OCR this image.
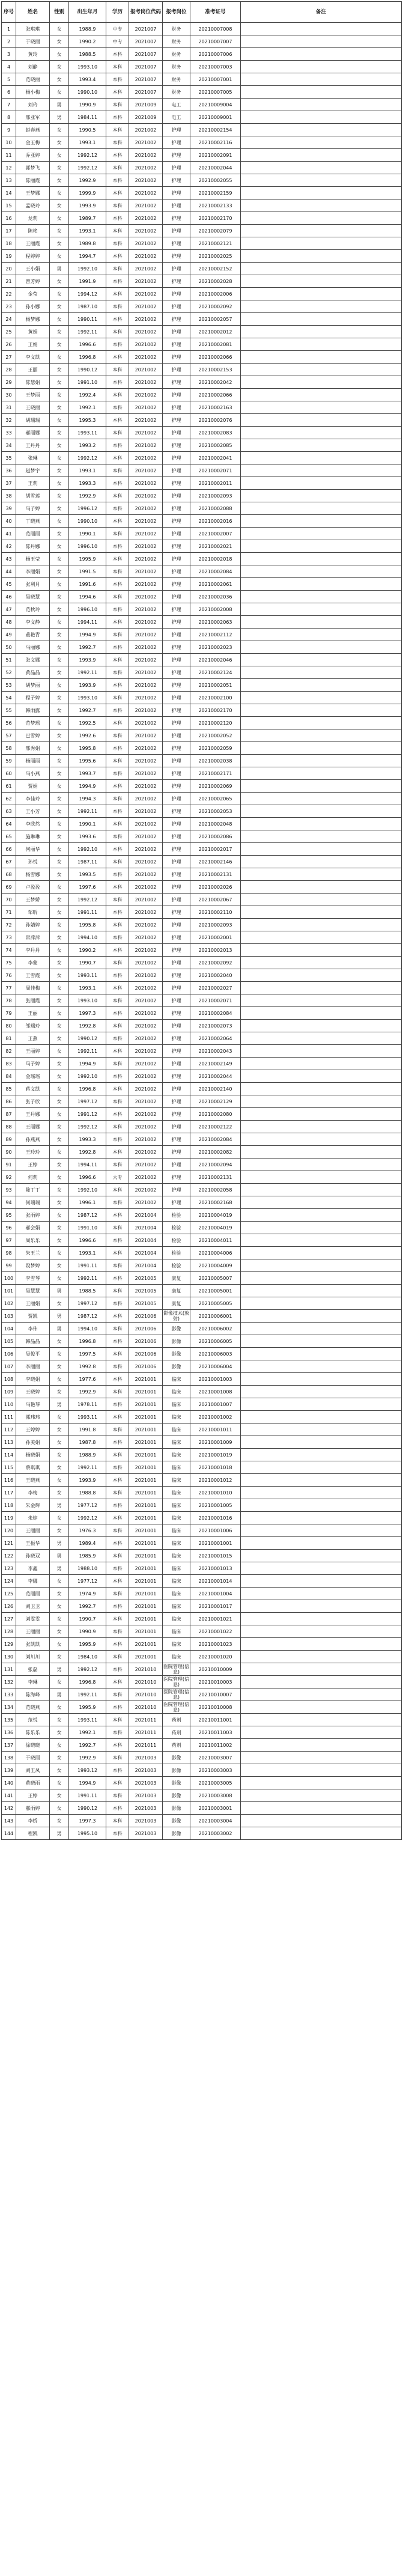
序号	姓名	性别	出生年月	学历	报考岗位代码	报考岗位	准考证号	备注
1	张琪琪	女	1988.9	中专	2021007	财务	20210007008	
2	于晓丽	女	1990.2	中专	2021007	财务	20210007007	
3	黄玲	女	1988.5	本科	2021007	财务	20210007006	
4	刘静	女	1993.10	本科	2021007	财务	20210007003	
5	范晓丽	女	1993.4	本科	2021007	财务	20210007001	
6	杨小梅	女	1990.10	本科	2021007	财务	20210007005	
7	刘玲	男	1990.9	本科	2021009	电工	20210009004	
8	邢亚军	男	1984.11	本科	2021009	电工	20210009001	
9	赵春燕	女	1990.5	本科	2021002	护理	20210002154	
10	金玉梅	女	1993.1	本科	2021002	护理	20210002116	
11	乔亚婷	女	1992.12	本科	2021002	护理	20210002091	
12	郭梦飞	女	1992.12	本科	2021002	护理	20210002044	
13	陈丽霞	女	1992.9	本科	2021002	护理	20210002055	
14	王梦娜	女	1999.9	本科	2021002	护理	20210002159	
15	孟晓玲	女	1993.9	本科	2021002	护理	20210002133	
16	龙莉	女	1989.7	本科	2021002	护理	20210002170	
17	陈艳	女	1993.1	本科	2021002	护理	20210002079	
18	王丽霞	女	1989.8	本科	2021002	护理	20210002121	
19	程婷婷	女	1994.7	本科	2021002	护理	20210002025	
20	王小娟	男	1992.10	本科	2021002	护理	20210002152	
21	曾芳婷	女	1991.9	本科	2021002	护理	20210002028	
22	金莹	女	1994.12	本科	2021002	护理	20210002006	
23	孙小娜	女	1987.10	本科	2021002	护理	20210002092	
24	杨梦娜	女	1990.11	本科	2021002	护理	20210002057	
25	黄娟	女	1992.11	本科	2021002	护理	20210002012	
26	王娟	女	1996.6	本科	2021002	护理	20210002081	
27	李文凯	女	1996.8	本科	2021002	护理	20210002066	
28	王丽	女	1990.12	本科	2021002	护理	20210002153	
29	陈慧娟	女	1991.10	本科	2021002	护理	20210002042	
30	王梦丽	女	1992.4	本科	2021002	护理	20210002066	
31	王晓丽	女	1992.1	本科	2021002	护理	20210002163	
32	胡瑞瑞	女	1995.3	本科	2021002	护理	20210002076	
33	郝丽娜	女	1993.11	本科	2021002	护理	20210002083	
34	王丹丹	女	1993.2	本科	2021002	护理	20210002085	
35	张琳	女	1992.12	本科	2021002	护理	20210002041	
36	赵梦宇	女	1993.1	本科	2021002	护理	20210002071	
37	王莉	女	1993.3	本科	2021002	护理	20210002011	
38	胡雪莲	女	1992.9	本科	2021002	护理	20210002093	
39	马子婷	女	1996.12	本科	2021002	护理	20210002088	
40	丁晓燕	女	1990.10	本科	2021002	护理	20210002016	
41	范丽丽	女	1990.1	本科	2021002	护理	20210002007	
42	陈丹娜	女	1996.10	本科	2021002	护理	20210002021	
43	杨玉莹	女	1995.9	本科	2021002	护理	20210002018	
44	李丽娟	女	1991.5	本科	2021002	护理	20210002084	
45	张利月	女	1991.6	本科	2021002	护理	20210002061	
46	吴晓慧	女	1994.6	本科	2021002	护理	20210002036	
47	范秋玲	女	1996.10	本科	2021002	护理	20210002008	
48	李文静	女	1994.11	本科	2021002	护理	20210002063	
49	董艳青	女	1994.9	本科	2021002	护理	20210002112	
50	马丽娜	女	1992.7	本科	2021002	护理	20210002023	
51	张文娜	女	1993.9	本科	2021002	护理	20210002046	
52	黄晶晶	女	1992.11	本科	2021002	护理	20210002124	
53	胡梦丽	女	1993.9	本科	2021002	护理	20210002051	
54	程子婷	女	1993.10	本科	2021002	护理	20210002100	
55	韩雨露	女	1992.7	本科	2021002	护理	20210002170	
56	范梦瑶	女	1992.5	本科	2021002	护理	20210002120	
57	巴雪婷	女	1992.6	本科	2021002	护理	20210002052	
58	邢秀娟	女	1995.8	本科	2021002	护理	20210002059	
59	杨丽丽	女	1995.6	本科	2021002	护理	20210002038	
60	马小燕	女	1993.7	本科	2021002	护理	20210002171	
61	贾娟	女	1994.9	本科	2021002	护理	20210002069	
62	李佳玲	女	1994.3	本科	2021002	护理	20210002065	
63	王小芳	女	1992.11	本科	2021002	护理	20210002053	
64	李欣然	女	1990.1	本科	2021002	护理	20210002048	
65	施琳琳	女	1993.6	本科	2021002	护理	20210002086	
66	何丽华	女	1992.10	本科	2021002	护理	20210002017	
67	孙悦	女	1987.11	本科	2021002	护理	20210002146	
68	杨雪娜	女	1993.5	本科	2021002	护理	20210002131	
69	卢盈盈	女	1997.6	本科	2021002	护理	20210002026	
70	王梦娇	女	1992.12	本科	2021002	护理	20210002067	
71	邹昕	女	1991.11	本科	2021002	护理	20210002110	
72	孙婧婷	女	1995.8	本科	2021002	护理	20210002093	
73	常萍萍	女	1994.10	本科	2021002	护理	20210002001	
74	李丹丹	女	1990.2	本科	2021002	护理	20210002013	
75	李蒙	女	1990.7	本科	2021002	护理	20210002092	
76	王雪霞	女	1993.11	本科	2021002	护理	20210002040	
77	周佳梅	女	1993.1	本科	2021002	护理	20210002027	
78	张丽霞	女	1993.10	本科	2021002	护理	20210002071	
79	王丽	女	1997.3	本科	2021002	护理	20210002084	
80	邹瑞玲	女	1992.8	本科	2021002	护理	20210002073	
81	王燕	女	1990.12	本科	2021002	护理	20210002064	
82	王丽婷	女	1992.11	本科	2021002	护理	20210002043	
83	马子婷	女	1994.9	本科	2021002	护理	20210002149	
84	金瑶瑶	女	1992.10	本科	2021002	护理	20210002044	
85	蒋文凯	女	1996.8	本科	2021002	护理	20210002140	
86	张子欣	女	1997.12	本科	2021002	护理	20210002129	
87	王丹娜	女	1991.12	本科	2021002	护理	20210002080	
88	王丽娜	女	1992.12	本科	2021002	护理	20210002122	
89	孙燕燕	女	1993.3	本科	2021002	护理	20210002084	
90	王玲玲	女	1992.8	本科	2021002	护理	20210002082	
91	王婷	女	1994.11	本科	2021002	护理	20210002094	
92	何莉	女	1996.6	大专	2021002	护理	20210002131	
93	陈丁丁	女	1992.10	本科	2021002	护理	20210002058	
94	何瑞瑞	女	1996.1	本科	2021002	护理	20210002168	
95	张雨婷	女	1987.12	本科	2021004	检验	20210004019	
96	郝会娟	女	1991.10	本科	2021004	检验	20210004019	
97	周乐乐	女	1996.6	本科	2021004	检验	20210004011	
98	朱玉兰	女	1993.1	本科	2021004	检验	20210004006	
99	段梦婷	女	1991.11	本科	2021004	检验	20210004009	
100	李雪琴	女	1992.11	本科	2021005	康复	20210005007	
101	吴慧慧	男	1988.5	本科	2021005	康复	20210005001	
102	王丽娟	女	1997.12	本科	2021005	康复	20210005005	
103	贾凯	男	1987.12	本科	2021006	影像技术(放射)	20210006001	
104	李伟	男	1994.10	本科	2021006	影像	20210006002	
105	韩晶晶	女	1996.8	本科	2021006	影像	20210006005	
106	吴俊平	女	1997.5	本科	2021006	影像	20210006003	
107	李丽丽	女	1992.8	本科	2021006	影像	20210006004	
108	李晓娟	女	1977.6	本科	2021001	临床	20210001003	
109	王晓婷	女	1992.9	本科	2021001	临床	20210001008	
110	马艳琴	男	1978.11	本科	2021001	临床	20210001007	
111	郭玮玮	女	1993.11	本科	2021001	临床	20210001002	
112	王婷婷	女	1991.8	本科	2021001	临床	20210001011	
113	孙美娟	女	1987.8	本科	2021001	临床	20210001009	
114	杨晓娟	女	1988.9	本科	2021001	临床	20210001019	
115	蔡琪琪	女	1992.11	本科	2021001	临床	20210001018	
116	王晓燕	女	1993.9	本科	2021001	临床	20210001012	
117	李梅	女	1988.8	本科	2021001	临床	20210001010	
118	朱金辉	男	1977.12	本科	2021001	临床	20210001005	
119	朱婷	女	1992.12	本科	2021001	临床	20210001016	
120	王丽丽	女	1976.3	本科	2021001	临床	20210001006	
121	王振华	男	1989.4	本科	2021001	临床	20210001001	
122	孙晓双	男	1985.9	本科	2021001	临床	20210001015	
123	李鑫	男	1988.10	本科	2021001	临床	20210001013	
124	李娜	女	1977.12	本科	2021001	临床	20210001014	
125	范丽丽	女	1974.9	本科	2021001	临床	20210001004	
126	刘卫卫	女	1992.7	本科	2021001	临床	20210001017	
127	刘雯雯	女	1990.7	本科	2021001	临床	20210001021	
128	王丽丽	女	1990.9	本科	2021001	临床	20210001022	
129	张凯凯	女	1995.9	本科	2021001	临床	20210001023	
130	刘川川	女	1984.10	本科	2021001	临床	20210001020	
131	张磊	男	1992.12	本科	2021010	医院管理(信息)	20210010009	
132	李琳	女	1996.8	本科	2021010	医院管理(信息)	20210010003	
133	陈海峰	男	1992.11	本科	2021010	医院管理(信息)	20210010007	
134	范晓燕	女	1995.9	本科	2021010	医院管理(信息)	20210010008	
135	范悦	女	1993.11	本科	2021011	药剂	20210011001	
136	陈乐乐	女	1992.1	本科	2021011	药剂	20210011003	
137	徐晓晓	女	1992.7	本科	2021011	药剂	20210011002	
138	于晓丽	女	1992.9	本科	2021003	影像	20210003007	
139	刘玉凤	女	1993.12	本科	2021003	影像	20210003003	
140	黄晓雨	女	1994.9	本科	2021003	影像	20210003005	
141	王婷	女	1991.11	本科	2021003	影像	20210003008	
142	郝雨婷	女	1990.12	本科	2021003	影像	20210003001	
143	李娇	女	1997.3	本科	2021003	影像	20210003004	
144	程凯	男	1995.10	本科	2021003	影像	20210003002	
